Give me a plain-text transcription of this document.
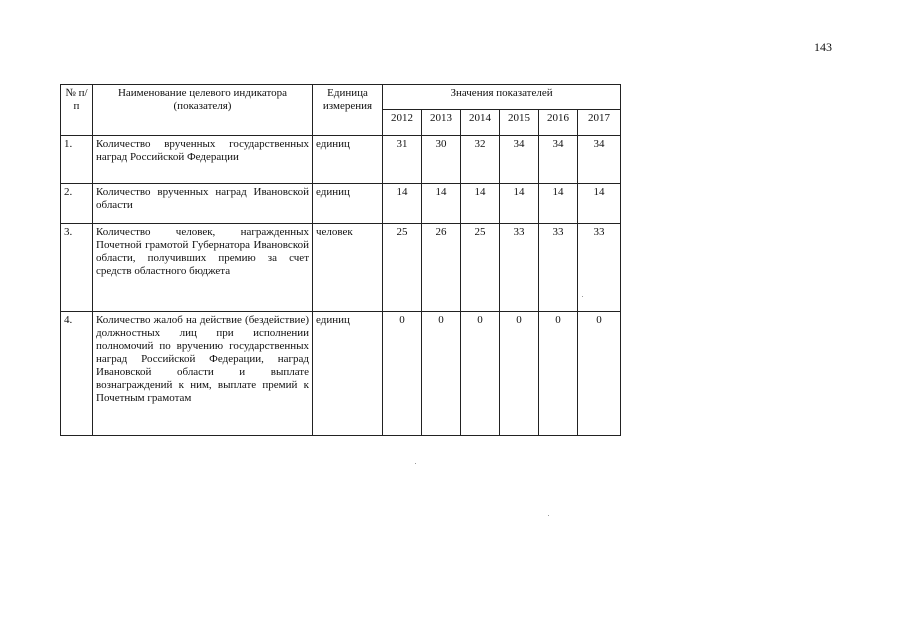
143
№ п/п	Наименование целевого индикатора (показателя)	Единица измерения	Значения показателей					
			2012	2013	2014	2015	2016	2017
1.	Количество врученных государственных наград Российской Федерации	единиц	31	30	32	34	34	34
2.	Количество врученных наград Ивановской области	единиц	14	14	14	14	14	14
3.	Количество человек, награжденных Почетной грамотой Губернатора Ивановской области, получивших премию за счет средств областного бюджета	человек	25	26	25	33	33	33
4.	Количество жалоб на действие (бездействие) должностных лиц при исполнении полномочий по вручению государственных наград Российской Федерации, наград Ивановской области и выплате вознаграждений к ним, выплате премий к Почетным грамотам	единиц	0	0	0	0	0	0
